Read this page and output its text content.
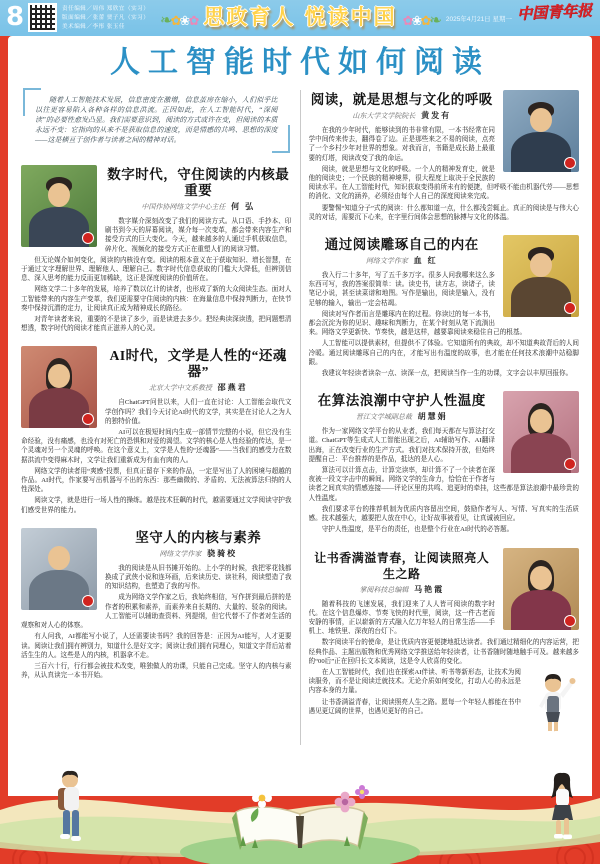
8	责任编辑／周伟 郑欣宜（实习）
版面编辑／张蕾 贾子凡（实习）
美术编辑／李彤 张玉佳	❧✿❀✿ 思政育人 悦读中国 ✿❀✿❧ 2025年4月21日 星期一 中国青年报
人工智能时代如何阅读

随着人工智能技术发展，信息密度在激增，信息茧房在缩小，人们似乎比以往更容易陷入各种各样的信息洪流。正因如此，在人工智能时代，“深阅读”的必要性愈发凸显。我们需要意识到，阅读的方式或许在变，但阅读的本质永远不变：它指向的从来不是获取信息的速度，而是情感的共鸣、思想的深度——这是横亘于创作者与读者之间的精神对话。

数字时代，守住阅读的内核最重要
中国作协网络文学中心主任 何 弘

数字媒介深刻改变了我们的阅读方式。从口语、手抄本、印刷书到今天的屏幕阅读，媒介每一次变革，都会带来内容生产和接受方式的巨大变化。今天，越来越多的人通过手机获取信息，碎片化、视频化的接受方式正在重塑人们的阅读习惯。

但无论媒介如何变化，阅读的内核没有变。阅读的根本意义在于获取知识、增长智慧，在于通过文字理解世界、理解他人、理解自己。数字时代信息获取的门槛大大降低，但辨别信息、深入思考的能力反而更加稀缺，这正是深度阅读的价值所在。

网络文学二十多年的发展，培养了数以亿计的读者，也形成了新的大众阅读生态。面对人工智能带来的内容生产变革，我们更需要守住阅读的内核：在海量信息中保持判断力，在快节奏中保持沉潜的定力，让阅读真正成为精神成长的路径。

对青年读者来说，重要的不是读了多少，而是读进去多少。把经典读深读透，把问题想清想透，数字时代的阅读才能真正滋养人的心灵。

AI时代，文学是人性的“还魂器”
北京大学中文系教授 邵燕君

自ChatGPT问世以来，人们一直在讨论：人工智能会取代文学创作吗？我们今天讨论AI时代的文学，其实是在讨论人之为人的独特价值。

AI可以在极短时间内生成一部情节完整的小说，但它没有生命经验，没有痛感，也没有对死亡的恐惧和对爱的渴望。文学的核心是人性经验的传达，是一个灵魂对另一个灵魂的呼唤。在这个意义上，文学是人性的“还魂器”——当我们的感受力在数据洪流中变得麻木时，文学让我们重新成为有血有肉的人。

网络文学的读者用“爽感”投票，但真正留存下来的作品，一定是写出了人的困境与超越的作品。AI时代，作家要写出机器写不出的东西：那些幽微的、矛盾的、无法被算法归纳的人性深处。

阅读文学，就是进行一场人性的操练。越是技术狂飙的时代，越需要通过文学阅读守护我们感受世界的能力。

坚守人的内核与素养
网络文学作家 骁骑校

我的阅读是从旧书摊开始的。上小学的时候，我把零花钱都换成了武侠小说和连环画，后来读历史、读社科，阅读塑造了我的知识结构，也塑造了我的写作。

成为网络文学作家之后，我始终相信，写作拼到最后拼的是作者的积累和素养，而素养来自长期的、大量的、驳杂的阅读。人工智能可以辅助查资料、列提纲，但它代替不了作者对生活的观察和对人心的体察。

有人问我，AI都能写小说了，人还需要读书吗？我的回答是：正因为AI能写，人才更要读。阅读让我们拥有辨别力，知道什么是好文字；阅读让我们拥有同理心，知道文字背后站着活生生的人。这些是人的内核，机器拿不走。

三百六十行，行行都会被技术改变，唯独做人的功课，只能自己完成。坚守人的内核与素养，从认真读完一本书开始。

阅读，就是思想与文化的呼吸
山东大学文学院院长 黄发有

在我的少年时代，能够读到的书非常有限，一本书经常在同学中间传来传去，翻得卷了边。正是那些来之不易的阅读，点亮了一个乡村少年对世界的想象。对我而言，书籍是成长路上最重要的灯塔，阅读改变了我的命运。

阅读，就是思想与文化的呼吸。一个人的精神发育史，就是他的阅读史；一个民族的精神境界，很大程度上取决于全民族的阅读水平。在人工智能时代，知识获取变得前所未有的便捷，但呼吸不能由机器代劳——思想的消化、文化的涵养，必须经由每个人自己的深度阅读来完成。

要警惕“知道分子”式的阅读：什么都知道一点，什么都浅尝辄止。真正的阅读是与伟大心灵的对话，需要沉下心来，在字里行间体会思想的脉搏与文化的体温。

通过阅读雕琢自己的内在
网络文学作家 血 红

我入行二十多年，写了五千多万字。很多人问我哪来这么多东西可写，我的答案很简单：读。读史书，读方志，读诸子，读笔记小说，甚至读菜谱和地图。写作是输出，阅读是输入，没有足够的输入，输出一定会枯竭。

阅读对写作者而言是雕琢内在的过程。你读过的每一本书，都会沉淀为你的见识、趣味和判断力，在某个时刻从笔下流淌出来。网络文学更新快、节奏快，越是这样，越要靠阅读来稳住自己的根基。

人工智能可以提供素材，但提供不了体验。它知道所有的典故，却不知道典故背后的人间冷暖。通过阅读雕琢自己的内在，才能写出有温度的故事，也才能在任何技术浪潮中站稳脚跟。

我建议年轻读者读杂一点、读深一点，把阅读当作一生的功课，文字会以丰厚回报你。

在算法浪潮中守护人性温度
晋江文学城副总裁 胡慧娟

作为一家网络文学平台的从业者，我们每天都在与算法打交道。ChatGPT等生成式人工智能出现之后，AI辅助写作、AI翻译出海，正在改变行业的生产方式。我们对技术保持开放，但始终提醒自己：平台推荐的是作品，抵达的是人心。

算法可以计算点击，计算完读率，却计算不了一个读者在深夜被一段文字击中的瞬间。网络文学的生命力，恰恰在于作者与读者之间真实的情感连接——评论区里的共鸣、追更时的牵挂，这些都是算法浪潮中最珍贵的人性温度。

我们要求平台的推荐机制为优质内容留出空间，鼓励作者写人、写情、写真实的生活质感。技术越强大，越要把人放在中心，让好故事被看见，让真诚被回应。

守护人性温度，是平台的责任，也是整个行业在AI时代的必答题。

让书香满溢青春，让阅读照亮人生之路
掌阅科技总编辑 马艳霞

随着科技的飞速发展，我们迎来了人人皆可阅读的数字时代。在这个信息爆炸、节奏飞快的时代里，阅读，这一件古老而安静的事情，正以崭新的方式融入亿万年轻人的日常生活——手机上、地铁里、深夜的台灯下。

数字阅读平台的使命，是让优质内容更便捷地抵达读者。我们通过精细化的内容运营，把经典作品、主题出版物和优秀网络文学推送给年轻读者，让书香随时随地触手可及。越来越多的“00后”正在回归长文本阅读，这是令人欣喜的变化。

在人工智能时代，我们也在探索AI伴读、听书等新形态，让技术为阅读服务，而不是让阅读迁就技术。无论介质如何变化，打动人心的永远是内容本身的力量。

让书香满溢青春，让阅读照亮人生之路。愿每一个年轻人都能在书中遇见更辽阔的世界，也遇见更好的自己。
